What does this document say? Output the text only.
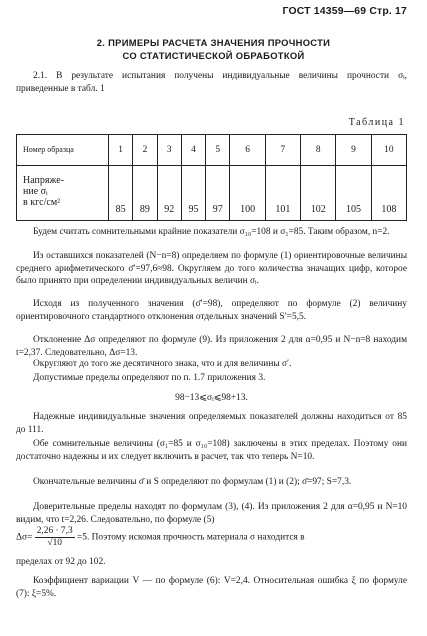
ГОСТ 14359—69 Стр. 17
2. ПРИМЕРЫ РАСЧЕТА ЗНАЧЕНИЯ ПРОЧНОСТИ
СО СТАТИСТИЧЕСКОЙ ОБРАБОТКОЙ
2.1. В результате испытания получены индивидуальные величины прочности σᵢ, приведенные в табл. 1
Таблица 1
Номер образца	1	2	3	4	5	6	7	8	9	10

Напряже-
ние σᵢ
в кгс/см²	85	89	92	95	97	100	101	102	105	108
Будем считать сомнительными крайние показатели σ₁₀=108 и σ₁=85. Таким образом, n=2.
Из оставшихся показателей (N−n=8) определяем по формуле (1) ориентировочные величины среднего арифметического σ̄′=97,6≈98. Округляем до того количества значащих цифр, которое было принято при определении индивидуальных величин σᵢ.
Исходя из полученного значения (σ̄′=98), определяют по формуле (2) величину ориентировочного стандартного отклонения отдельных значений S′=5,5.
Отклонение Δσ определяют по формуле (9). Из приложения 2 для α=0,95 и N−n=8 находим t=2,37. Следовательно, Δσ=13.
Округляют до того же десятичного знака, что и для величины σ′.
Допустимые пределы определяют по п. 1.7 приложения 3.
98−13⩽σᵢ⩽98+13.
Надежные индивидуальные значения определяемых показателей должны находиться от 85 до 111.
Обе сомнительные величины (σ₁=85 и σ₁₀=108) заключены в этих пределах. Поэтому они достаточно надежны и их следует включить в расчет, так что теперь N=10.
Окончательные величины σ̄ и S определяют по формулам (1) и (2); σ̄=97; S=7,3.
Доверительные пределы находят по формулам (3), (4). Из приложения 2 для α=0,95 и N=10 видим, что t=2,26. Следовательно, по формуле (5)
$\Delta\sigma= \frac{2,26 \cdot 7,3}{√10} =5$. Поэтому искомая прочность материала σ находится в
пределах от 92 до 102.
Коэффициент вариации V — по формуле (6): V=2,4. Относительная ошибка ξ по формуле (7): ξ=5%.
